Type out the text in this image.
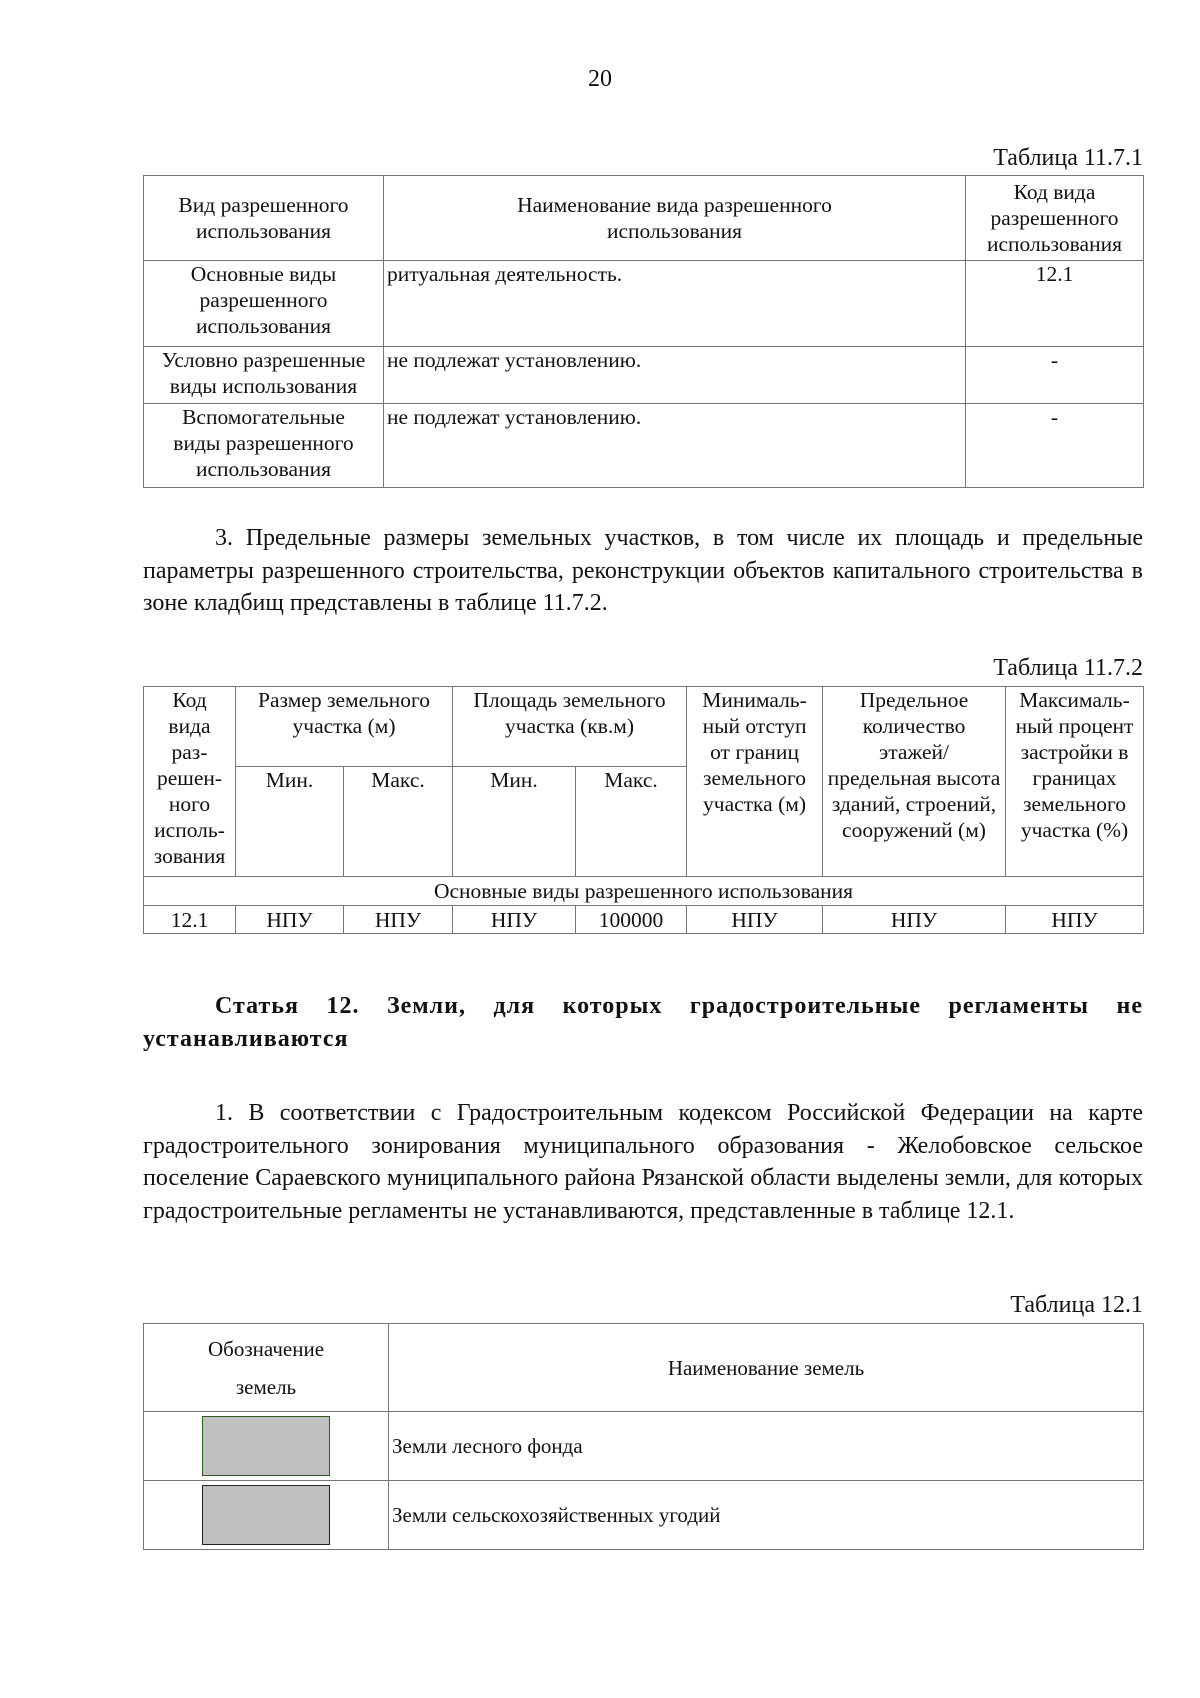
20
Таблица 11.7.1
Вид разрешенного использования	Наименование вида разрешенного использования	Код вида разрешенного использования
Основные виды разрешенного использования	ритуальная деятельность.	12.1
Условно разрешенные виды использования	не подлежат установлению.	-
Вспомогательные виды разрешенного использования	не подлежат установлению.	-
3. Предельные размеры земельных участков, в том числе их площадь и предельные параметры разрешенного строительства, реконструкции объектов капитального строительства в зоне кладбищ представлены в таблице 11.7.2.
Таблица 11.7.2
Код вида раз-решен-ного исполь-зования	Размер земельного участка (м)		Площадь земельного участка (кв.м)		Минималь-ный отступ от границ земельного участка (м)	Предельное количество этажей/ предельная высота зданий, строений, сооружений (м)	Максималь-ный процент застройки в границах земельного участка (%)
	Мин.	Макс.	Мин.	Макс.			
Основные виды разрешенного использования							
12.1	НПУ	НПУ	НПУ	100000	НПУ	НПУ	НПУ
Статья 12. Земли, для которых градостроительные регламенты не устанавливаются
1. В соответствии с Градостроительным кодексом Российской Федерации на карте градостроительного зонирования муниципального образования - Желобовское сельское поселение Сараевского муниципального района Рязанской области выделены земли, для которых градостроительные регламенты не устанавливаются, представленные в таблице 12.1.
Таблица 12.1
Обозначение земель	Наименование земель

	Земли лесного фонда

	Земли сельскохозяйственных угодий
